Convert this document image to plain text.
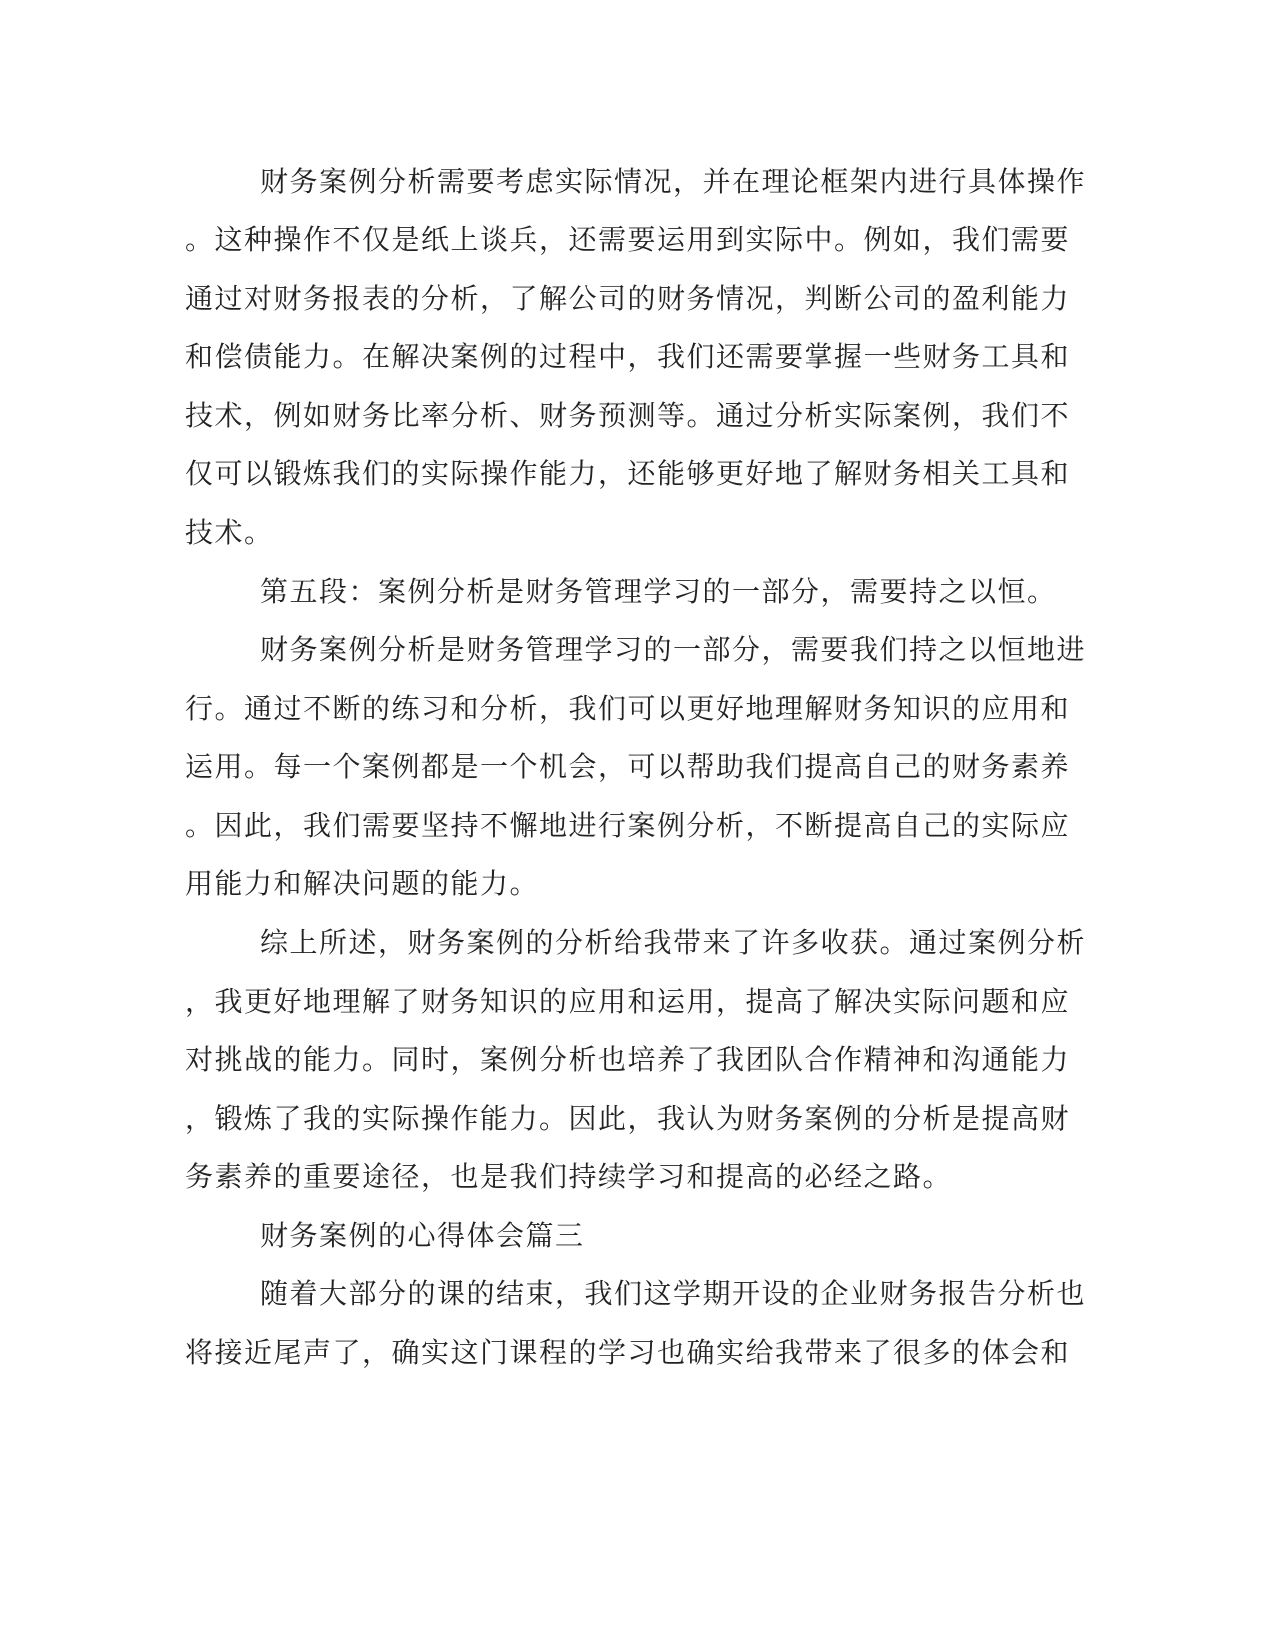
财务案例分析需要考虑实际情况，并在理论框架内进行具体操作
。这种操作不仅是纸上谈兵，还需要运用到实际中。例如，我们需要
通过对财务报表的分析，了解公司的财务情况，判断公司的盈利能力
和偿债能力。在解决案例的过程中，我们还需要掌握一些财务工具和
技术，例如财务比率分析、财务预测等。通过分析实际案例，我们不
仅可以锻炼我们的实际操作能力，还能够更好地了解财务相关工具和
技术。
第五段：案例分析是财务管理学习的一部分，需要持之以恒。
财务案例分析是财务管理学习的一部分，需要我们持之以恒地进
行。通过不断的练习和分析，我们可以更好地理解财务知识的应用和
运用。每一个案例都是一个机会，可以帮助我们提高自己的财务素养
。因此，我们需要坚持不懈地进行案例分析，不断提高自己的实际应
用能力和解决问题的能力。
综上所述，财务案例的分析给我带来了许多收获。通过案例分析
，我更好地理解了财务知识的应用和运用，提高了解决实际问题和应
对挑战的能力。同时，案例分析也培养了我团队合作精神和沟通能力
，锻炼了我的实际操作能力。因此，我认为财务案例的分析是提高财
务素养的重要途径，也是我们持续学习和提高的必经之路。
财务案例的心得体会篇三
随着大部分的课的结束，我们这学期开设的企业财务报告分析也
将接近尾声了，确实这门课程的学习也确实给我带来了很多的体会和
